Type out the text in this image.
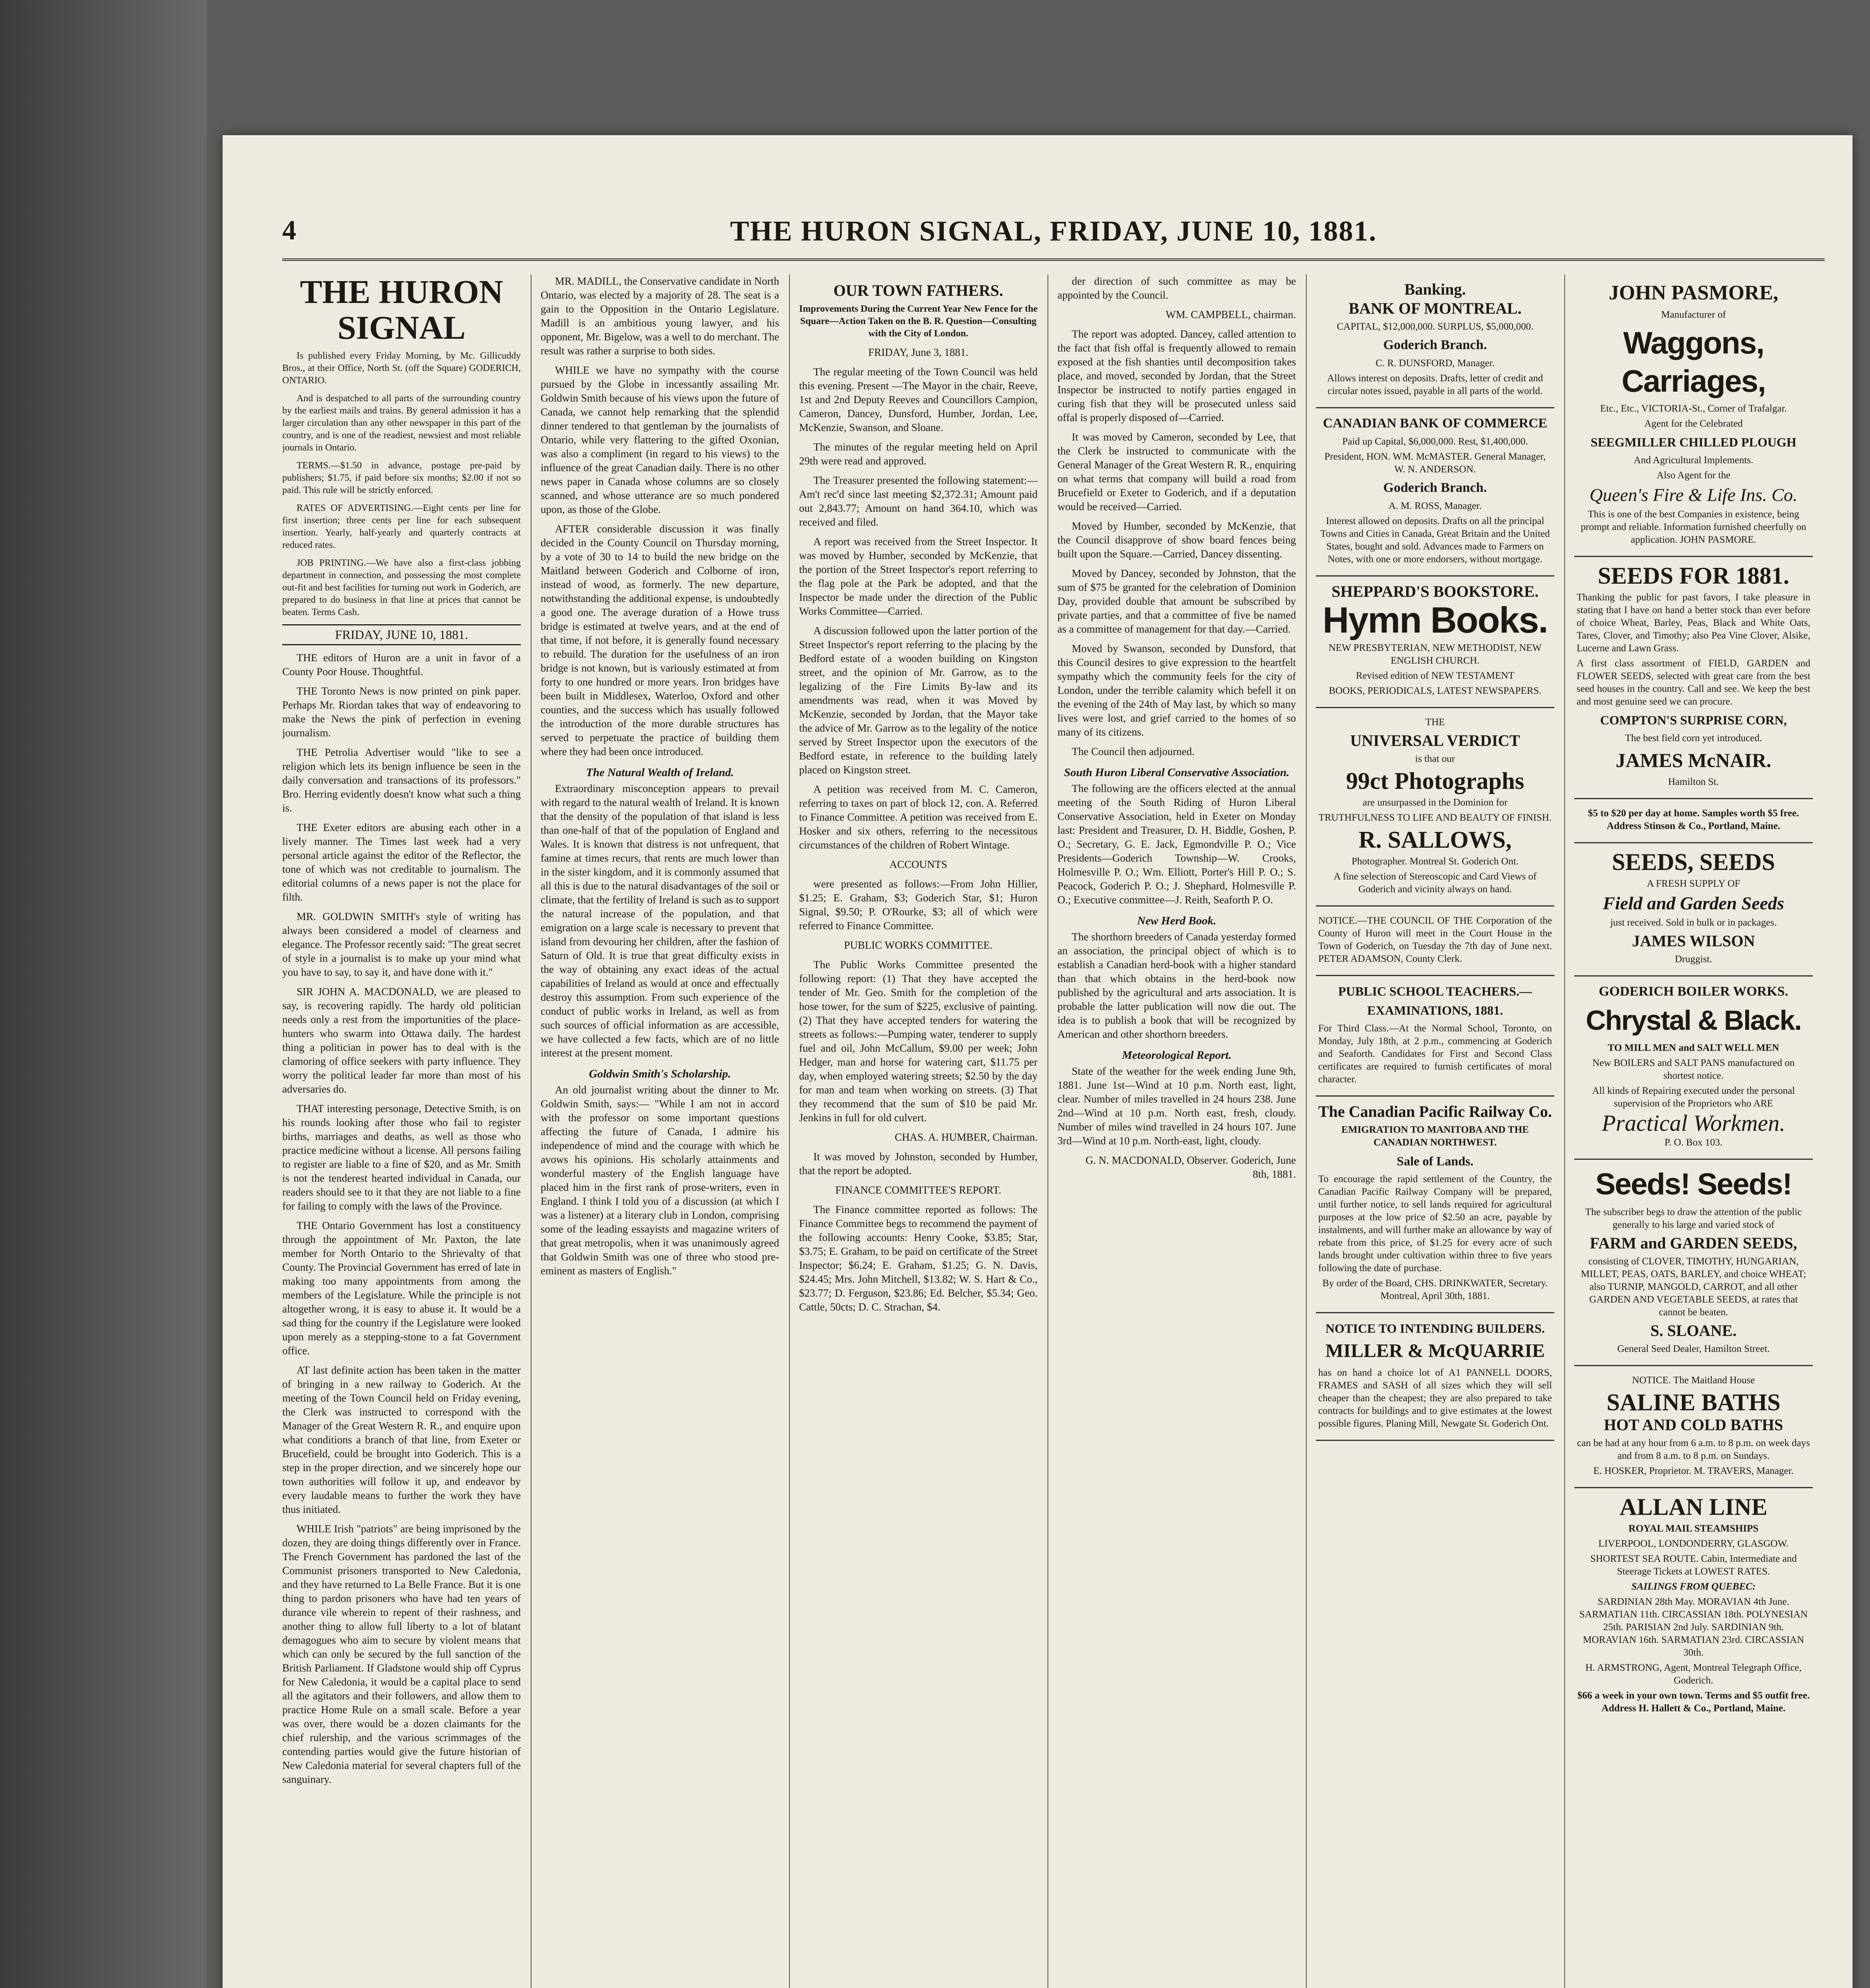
4	THE HURON SIGNAL, FRIDAY, JUNE 10, 1881.
THE HURON SIGNAL

Is published every Friday Morning, by Mc. Gillicuddy Bros., at their Office, North St. (off the Square) GODERICH, ONTARIO.

And is despatched to all parts of the surrounding country by the earliest mails and trains. By general admission it has a larger circulation than any other newspaper in this part of the country, and is one of the readiest, newsiest and most reliable journals in Ontario.

TERMS.—$1.50 in advance, postage pre-paid by publishers; $1.75, if paid before six months; $2.00 if not so paid. This rule will be strictly enforced.

RATES OF ADVERTISING.—Eight cents per line for first insertion; three cents per line for each subsequent insertion. Yearly, half-yearly and quarterly contracts at reduced rates.

JOB PRINTING.—We have also a first-class jobbing department in connection, and possessing the most complete out-fit and best facilities for turning out work in Goderich, are prepared to do business in that line at prices that cannot be beaten. Terms Cash.

FRIDAY, JUNE 10, 1881.

THE editors of Huron are a unit in favor of a County Poor House. Thoughtful.

THE Toronto News is now printed on pink paper. Perhaps Mr. Riordan takes that way of endeavoring to make the News the pink of perfection in evening journalism.

THE Petrolia Advertiser would "like to see a religion which lets its benign influence be seen in the daily conversation and transactions of its professors." Bro. Herring evidently doesn't know what such a thing is.

THE Exeter editors are abusing each other in a lively manner. The Times last week had a very personal article against the editor of the Reflector, the tone of which was not creditable to journalism. The editorial columns of a news paper is not the place for filth.

MR. GOLDWIN SMITH's style of writing has always been considered a model of clearness and elegance. The Professor recently said: "The great secret of style in a journalist is to make up your mind what you have to say, to say it, and have done with it."

SIR JOHN A. MACDONALD, we are pleased to say, is recovering rapidly. The hardy old politician needs only a rest from the importunities of the place-hunters who swarm into Ottawa daily. The hardest thing a politician in power has to deal with is the clamoring of office seekers with party influence. They worry the political leader far more than most of his adversaries do.

THAT interesting personage, Detective Smith, is on his rounds looking after those who fail to register births, marriages and deaths, as well as those who practice medicine without a license. All persons failing to register are liable to a fine of $20, and as Mr. Smith is not the tenderest hearted individual in Canada, our readers should see to it that they are not liable to a fine for failing to comply with the laws of the Province.

THE Ontario Government has lost a constituency through the appointment of Mr. Paxton, the late member for North Ontario to the Shrievalty of that County. The Provincial Government has erred of late in making too many appointments from among the members of the Legislature. While the principle is not altogether wrong, it is easy to abuse it. It would be a sad thing for the country if the Legislature were looked upon merely as a stepping-stone to a fat Government office.

AT last definite action has been taken in the matter of bringing in a new railway to Goderich. At the meeting of the Town Council held on Friday evening, the Clerk was instructed to correspond with the Manager of the Great Western R. R., and enquire upon what conditions a branch of that line, from Exeter or Brucefield, could be brought into Goderich. This is a step in the proper direction, and we sincerely hope our town authorities will follow it up, and endeavor by every laudable means to further the work they have thus initiated.

WHILE Irish "patriots" are being imprisoned by the dozen, they are doing things differently over in France. The French Government has pardoned the last of the Communist prisoners transported to New Caledonia, and they have returned to La Belle France. But it is one thing to pardon prisoners who have had ten years of durance vile wherein to repent of their rashness, and another thing to allow full liberty to a lot of blatant demagogues who aim to secure by violent means that which can only be secured by the full sanction of the British Parliament. If Gladstone would ship off Cyprus for New Caledonia, it would be a capital place to send all the agitators and their followers, and allow them to practice Home Rule on a small scale. Before a year was over, there would be a dozen claimants for the chief rulership, and the various scrimmages of the contending parties would give the future historian of New Caledonia material for several chapters full of the sanguinary.

MR. MADILL, the Conservative candidate in North Ontario, was elected by a majority of 28. The seat is a gain to the Opposition in the Ontario Legislature. Madill is an ambitious young lawyer, and his opponent, Mr. Bigelow, was a well to do merchant. The result was rather a surprise to both sides.

WHILE we have no sympathy with the course pursued by the Globe in incessantly assailing Mr. Goldwin Smith because of his views upon the future of Canada, we cannot help remarking that the splendid dinner tendered to that gentleman by the journalists of Ontario, while very flattering to the gifted Oxonian, was also a compliment (in regard to his views) to the influence of the great Canadian daily. There is no other news paper in Canada whose columns are so closely scanned, and whose utterance are so much pondered upon, as those of the Globe.

AFTER considerable discussion it was finally decided in the County Council on Thursday morning, by a vote of 30 to 14 to build the new bridge on the Maitland between Goderich and Colborne of iron, instead of wood, as formerly. The new departure, notwithstanding the additional expense, is undoubtedly a good one. The average duration of a Howe truss bridge is estimated at twelve years, and at the end of that time, if not before, it is generally found necessary to rebuild. The duration for the usefulness of an iron bridge is not known, but is variously estimated at from forty to one hundred or more years. Iron bridges have been built in Middlesex, Waterloo, Oxford and other counties, and the success which has usually followed the introduction of the more durable structures has served to perpetuate the practice of building them where they had been once introduced.

The Natural Wealth of Ireland.

Extraordinary misconception appears to prevail with regard to the natural wealth of Ireland. It is known that the density of the population of that island is less than one-half of that of the population of England and Wales. It is known that distress is not unfrequent, that famine at times recurs, that rents are much lower than in the sister kingdom, and it is commonly assumed that all this is due to the natural disadvantages of the soil or climate, that the fertility of Ireland is such as to support the natural increase of the population, and that emigration on a large scale is necessary to prevent that island from devouring her children, after the fashion of Saturn of Old. It is true that great difficulty exists in the way of obtaining any exact ideas of the actual capabilities of Ireland as would at once and effectually destroy this assumption. From such experience of the conduct of public works in Ireland, as well as from such sources of official information as are accessible, we have collected a few facts, which are of no little interest at the present moment.

Goldwin Smith's Scholarship.

An old journalist writing about the dinner to Mr. Goldwin Smith, says:— "While I am not in accord with the professor on some important questions affecting the future of Canada, I admire his independence of mind and the courage with which he avows his opinions. His scholarly attainments and wonderful mastery of the English language have placed him in the first rank of prose-writers, even in England. I think I told you of a discussion (at which I was a listener) at a literary club in London, comprising some of the leading essayists and magazine writers of that great metropolis, when it was unanimously agreed that Goldwin Smith was one of three who stood pre-eminent as masters of English."

OUR TOWN FATHERS.

Improvements During the Current Year New Fence for the Square—Action Taken on the B. R. Question—Consulting with the City of London.

FRIDAY, June 3, 1881.

The regular meeting of the Town Council was held this evening. Present —The Mayor in the chair, Reeve, 1st and 2nd Deputy Reeves and Councillors Campion, Cameron, Dancey, Dunsford, Humber, Jordan, Lee, McKenzie, Swanson, and Sloane.

The minutes of the regular meeting held on April 29th were read and approved.

The Treasurer presented the following statement:— Am't rec'd since last meeting $2,372.31; Amount paid out 2,843.77; Amount on hand 364.10, which was received and filed.

A report was received from the Street Inspector. It was moved by Humber, seconded by McKenzie, that the portion of the Street Inspector's report referring to the flag pole at the Park be adopted, and that the Inspector be made under the direction of the Public Works Committee—Carried.

A discussion followed upon the latter portion of the Street Inspector's report referring to the placing by the Bedford estate of a wooden building on Kingston street, and the opinion of Mr. Garrow, as to the legalizing of the Fire Limits By-law and its amendments was read, when it was Moved by McKenzie, seconded by Jordan, that the Mayor take the advice of Mr. Garrow as to the legality of the notice served by Street Inspector upon the executors of the Bedford estate, in reference to the building lately placed on Kingston street.

A petition was received from M. C. Cameron, referring to taxes on part of block 12, con. A. Referred to Finance Committee. A petition was received from E. Hosker and six others, referring to the necessitous circumstances of the children of Robert Wintage.

ACCOUNTS

were presented as follows:—From John Hillier, $1.25; E. Graham, $3; Goderich Star, $1; Huron Signal, $9.50; P. O'Rourke, $3; all of which were referred to Finance Committee.

PUBLIC WORKS COMMITTEE.

The Public Works Committee presented the following report: (1) That they have accepted the tender of Mr. Geo. Smith for the completion of the hose tower, for the sum of $225, exclusive of painting. (2) That they have accepted tenders for watering the streets as follows:—Pumping water, tenderer to supply fuel and oil, John McCallum, $9.00 per week; John Hedger, man and horse for watering cart, $11.75 per day, when employed watering streets; $2.50 by the day for man and team when working on streets. (3) That they recommend that the sum of $10 be paid Mr. Jenkins in full for old culvert.

CHAS. A. HUMBER, Chairman.

It was moved by Johnston, seconded by Humber, that the report be adopted.

FINANCE COMMITTEE'S REPORT.

The Finance committee reported as follows: The Finance Committee begs to recommend the payment of the following accounts: Henry Cooke, $3.85; Star, $3.75; E. Graham, to be paid on certificate of the Street Inspector; $6.24; E. Graham, $1.25; G. N. Davis, $24.45; Mrs. John Mitchell, $13.82; W. S. Hart & Co., $23.77; D. Ferguson, $23.86; Ed. Belcher, $5.34; Geo. Cattle, 50cts; D. C. Strachan, $4.

der direction of such committee as may be appointed by the Council.

WM. CAMPBELL, chairman.

The report was adopted. Dancey, called attention to the fact that fish offal is frequently allowed to remain exposed at the fish shanties until decomposition takes place, and moved, seconded by Jordan, that the Street Inspector be instructed to notify parties engaged in curing fish that they will be prosecuted unless said offal is properly disposed of—Carried.

It was moved by Cameron, seconded by Lee, that the Clerk be instructed to communicate with the General Manager of the Great Western R. R., enquiring on what terms that company will build a road from Brucefield or Exeter to Goderich, and if a deputation would be received—Carried.

Moved by Humber, seconded by McKenzie, that the Council disapprove of show board fences being built upon the Square.—Carried, Dancey dissenting.

Moved by Dancey, seconded by Johnston, that the sum of $75 be granted for the celebration of Dominion Day, provided double that amount be subscribed by private parties, and that a committee of five be named as a committee of management for that day.—Carried.

Moved by Swanson, seconded by Dunsford, that this Council desires to give expression to the heartfelt sympathy which the community feels for the city of London, under the terrible calamity which befell it on the evening of the 24th of May last, by which so many lives were lost, and grief carried to the homes of so many of its citizens.

The Council then adjourned.

South Huron Liberal Conservative Association.

The following are the officers elected at the annual meeting of the South Riding of Huron Liberal Conservative Association, held in Exeter on Monday last: President and Treasurer, D. H. Biddle, Goshen, P. O.; Secretary, G. E. Jack, Egmondville P. O.; Vice Presidents—Goderich Township—W. Crooks, Holmesville P. O.; Wm. Elliott, Porter's Hill P. O.; S. Peacock, Goderich P. O.; J. Shephard, Holmesville P. O.; Executive committee—J. Reith, Seaforth P. O.

New Herd Book.

The shorthorn breeders of Canada yesterday formed an association, the principal object of which is to establish a Canadian herd-book with a higher standard than that which obtains in the herd-book now published by the agricultural and arts association. It is probable the latter publication will now die out. The idea is to publish a book that will be recognized by American and other shorthorn breeders.

Meteorological Report.

State of the weather for the week ending June 9th, 1881. June 1st—Wind at 10 p.m. North east, light, clear. Number of miles travelled in 24 hours 238. June 2nd—Wind at 10 p.m. North east, fresh, cloudy. Number of miles wind travelled in 24 hours 107. June 3rd—Wind at 10 p.m. North-east, light, cloudy.

G. N. MACDONALD, Observer. Goderich, June 8th, 1881.

Banking.
BANK OF MONTREAL.

CAPITAL, $12,000,000. SURPLUS, $5,000,000.

Goderich Branch.

C. R. DUNSFORD, Manager.

Allows interest on deposits. Drafts, letter of credit and circular notes issued, payable in all parts of the world.

CANADIAN BANK OF COMMERCE

Paid up Capital, $6,000,000. Rest, $1,400,000.

President, HON. WM. McMASTER. General Manager, W. N. ANDERSON.

Goderich Branch.

A. M. ROSS, Manager.

Interest allowed on deposits. Drafts on all the principal Towns and Cities in Canada, Great Britain and the United States, bought and sold. Advances made to Farmers on Notes, with one or more endorsers, without mortgage.

SHEPPARD'S BOOKSTORE.
Hymn Books.

NEW PRESBYTERIAN, NEW METHODIST, NEW ENGLISH CHURCH.

Revised edition of NEW TESTAMENT

BOOKS, PERIODICALS, LATEST NEWSPAPERS.

THE

UNIVERSAL VERDICT

is that our

99ct Photographs

are unsurpassed in the Dominion for

TRUTHFULNESS TO LIFE AND BEAUTY OF FINISH.

R. SALLOWS,

Photographer. Montreal St. Goderich Ont.

A fine selection of Stereoscopic and Card Views of Goderich and vicinity always on hand.

NOTICE.—THE COUNCIL OF THE Corporation of the County of Huron will meet in the Court House in the Town of Goderich, on Tuesday the 7th day of June next. PETER ADAMSON, County Clerk.

PUBLIC SCHOOL TEACHERS.— EXAMINATIONS, 1881.

For Third Class.—At the Normal School, Toronto, on Monday, July 18th, at 2 p.m., commencing at Goderich and Seaforth. Candidates for First and Second Class certificates are required to furnish certificates of moral character.

The Canadian Pacific Railway Co.

EMIGRATION TO MANITOBA AND THE CANADIAN NORTHWEST.

Sale of Lands.

To encourage the rapid settlement of the Country, the Canadian Pacific Railway Company will be prepared, until further notice, to sell lands required for agricultural purposes at the low price of $2.50 an acre, payable by instalments, and will further make an allowance by way of rebate from this price, of $1.25 for every acre of such lands brought under cultivation within three to five years following the date of purchase.

By order of the Board, CHS. DRINKWATER, Secretary. Montreal, April 30th, 1881.

NOTICE TO INTENDING BUILDERS.
MILLER & McQUARRIE

has on hand a choice lot of A1 PANNELL DOORS, FRAMES and SASH of all sizes which they will sell cheaper than the cheapest; they are also prepared to take contracts for buildings and to give estimates at the lowest possible figures. Planing Mill, Newgate St. Goderich Ont.

JOHN PASMORE,

Manufacturer of

Waggons, Carriages,

Etc., Etc., VICTORIA-St., Corner of Trafalgar.

Agent for the Celebrated

SEEGMILLER CHILLED PLOUGH

And Agricultural Implements.

Also Agent for the

Queen's Fire & Life Ins. Co.

This is one of the best Companies in existence, being prompt and reliable. Information furnished cheerfully on application. JOHN PASMORE.

SEEDS FOR 1881.

Thanking the public for past favors, I take pleasure in stating that I have on hand a better stock than ever before of choice Wheat, Barley, Peas, Black and White Oats, Tares, Clover, and Timothy; also Pea Vine Clover, Alsike, Lucerne and Lawn Grass.

A first class assortment of FIELD, GARDEN and FLOWER SEEDS, selected with great care from the best seed houses in the country. Call and see. We keep the best and most genuine seed we can procure.

COMPTON'S SURPRISE CORN,

The best field corn yet introduced.

JAMES McNAIR.

Hamilton St.

$5 to $20 per day at home. Samples worth $5 free. Address Stinson & Co., Portland, Maine.

SEEDS, SEEDS

A FRESH SUPPLY OF

Field and Garden Seeds

just received. Sold in bulk or in packages.

JAMES WILSON

Druggist.

GODERICH BOILER WORKS.
Chrystal & Black.

TO MILL MEN and SALT WELL MEN

New BOILERS and SALT PANS manufactured on shortest notice.

All kinds of Repairing executed under the personal supervision of the Proprietors who ARE

Practical Workmen.

P. O. Box 103.

Seeds! Seeds!

The subscriber begs to draw the attention of the public generally to his large and varied stock of

FARM and GARDEN SEEDS,

consisting of CLOVER, TIMOTHY, HUNGARIAN, MILLET, PEAS, OATS, BARLEY, and choice WHEAT; also TURNIP, MANGOLD, CARROT, and all other GARDEN AND VEGETABLE SEEDS, at rates that cannot be beaten.

S. SLOANE.

General Seed Dealer, Hamilton Street.

NOTICE. The Maitland House

SALINE BATHS
HOT AND COLD BATHS

can be had at any hour from 6 a.m. to 8 p.m. on week days and from 8 a.m. to 8 p.m. on Sundays.

E. HOSKER, Proprietor. M. TRAVERS, Manager.

ALLAN LINE

ROYAL MAIL STEAMSHIPS

LIVERPOOL, LONDONDERRY, GLASGOW.

SHORTEST SEA ROUTE. Cabin, Intermediate and Steerage Tickets at LOWEST RATES.

SAILINGS FROM QUEBEC:

SARDINIAN 28th May. MORAVIAN 4th June. SARMATIAN 11th. CIRCASSIAN 18th. POLYNESIAN 25th. PARISIAN 2nd July. SARDINIAN 9th. MORAVIAN 16th. SARMATIAN 23rd. CIRCASSIAN 30th.

H. ARMSTRONG, Agent, Montreal Telegraph Office, Goderich.

$66 a week in your own town. Terms and $5 outfit free. Address H. Hallett & Co., Portland, Maine.
